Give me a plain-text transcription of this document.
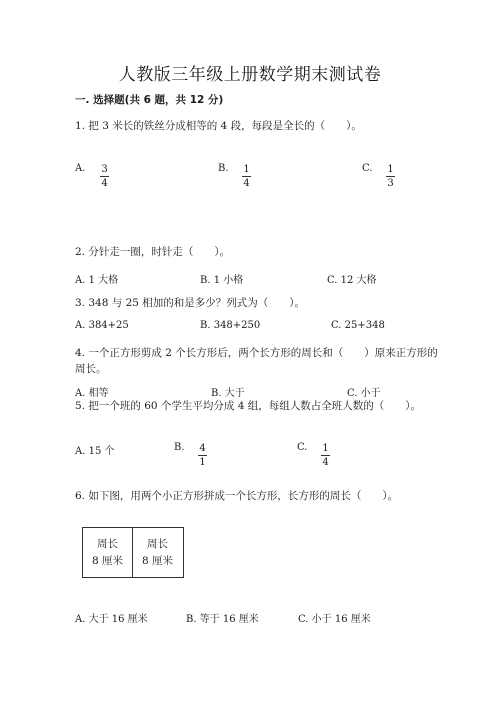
人教版三年级上册数学期末测试卷
一. 选择题(共 6 题，共 12 分)
1. 把 3 米长的铁丝分成相等的 4 段，每段是全长的（　　）。
A. $\frac{3}{4}$	B. $\frac{1}{4}$	C. $\frac{1}{3}$
2. 分针走一圈，时针走（　　）。
A. 1 大格	B. 1 小格	C. 12 大格
3. 348 与 25 相加的和是多少？列式为（　　）。
A. 384+25	B. 348+250	C. 25+348
4. 一个正方形剪成 2 个长方形后，两个长方形的周长和（　　）原来正方形的
周长。
A. 相等	B. 大于	C. 小于
5. 把一个班的 60 个学生平均分成 4 组，每组人数占全班人数的（　　）。
A. 15 个	B. $\frac{4}{1}$	C. $\frac{1}{4}$
6. 如下图，用两个小正方形拼成一个长方形，长方形的周长（　　）。
周长
8 厘米
周长
8 厘米
A. 大于 16 厘米	B. 等于 16 厘米	C. 小于 16 厘米
